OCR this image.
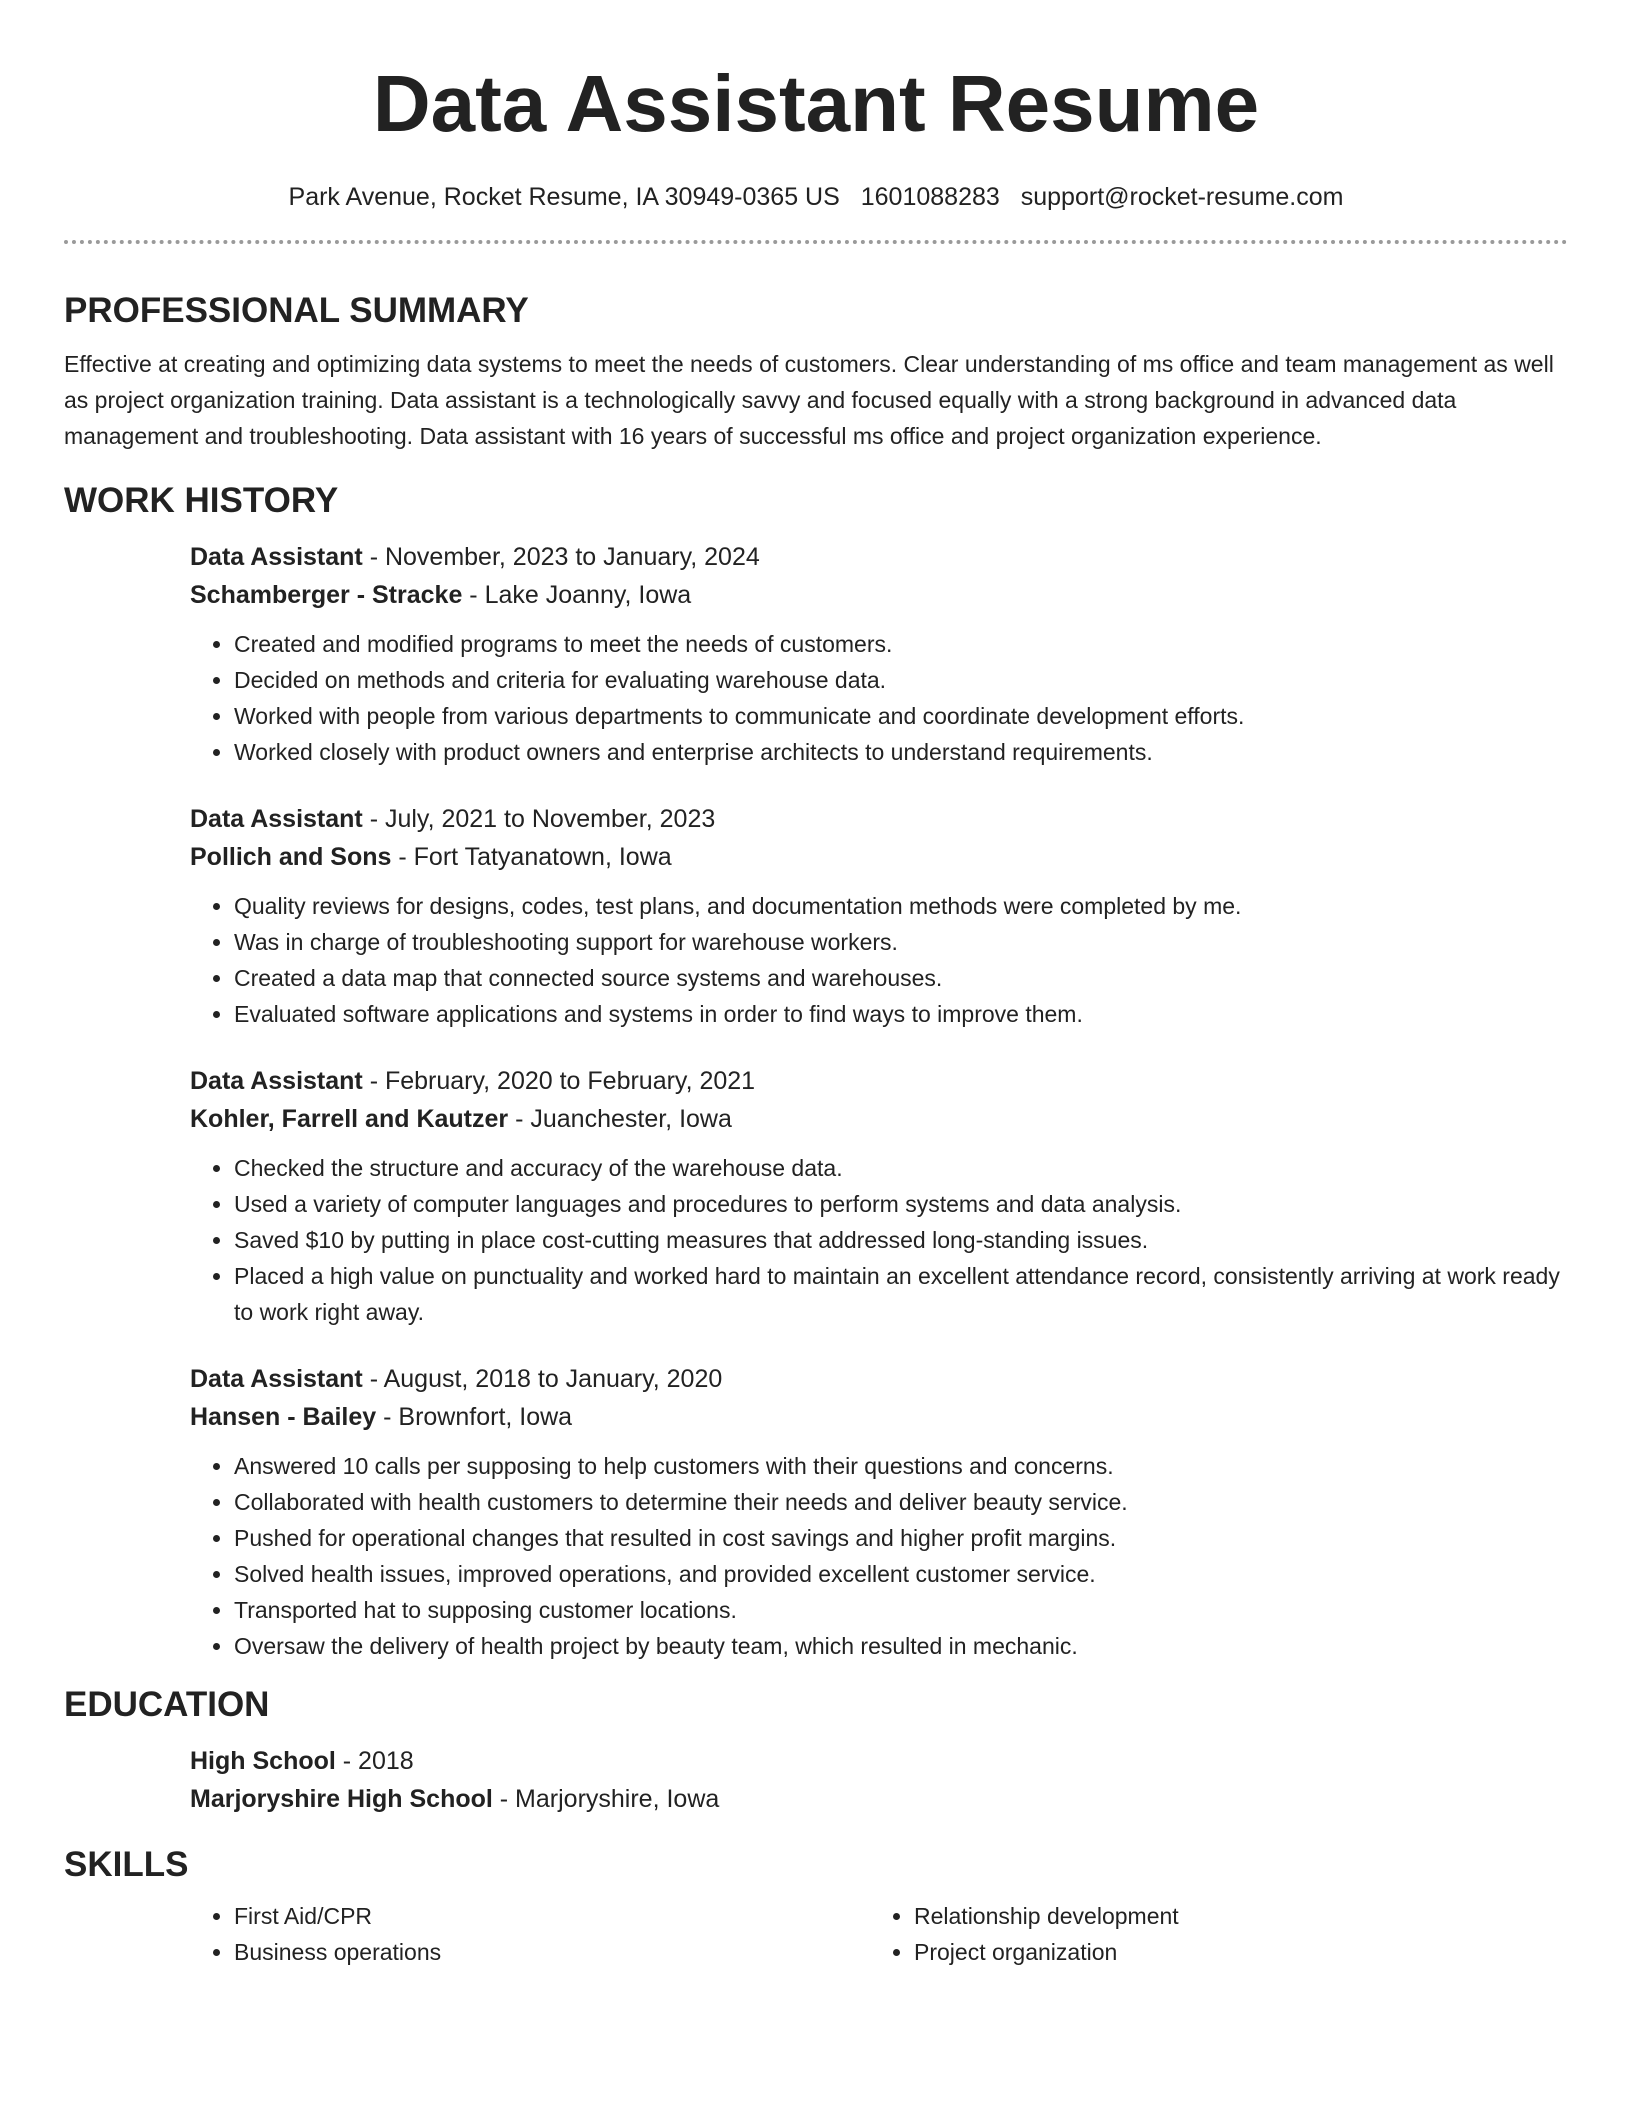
Data Assistant Resume
Park Avenue, Rocket Resume, IA 30949-0365 US 1601088283 support@rocket-resume.com
PROFESSIONAL SUMMARY

Effective at creating and optimizing data systems to meet the needs of customers. Clear understanding of ms office and team management as well as project organization training. Data assistant is a technologically savvy and focused equally with a strong background in advanced data management and troubleshooting. Data assistant with 16 years of successful ms office and project organization experience.

WORK HISTORY

Data Assistant - November, 2023 to January, 2024

Schamberger - Stracke - Lake Joanny, Iowa

• Created and modified programs to meet the needs of customers.
• Decided on methods and criteria for evaluating warehouse data.
• Worked with people from various departments to communicate and coordinate development efforts.
• Worked closely with product owners and enterprise architects to understand requirements.

Data Assistant - July, 2021 to November, 2023

Pollich and Sons - Fort Tatyanatown, Iowa

• Quality reviews for designs, codes, test plans, and documentation methods were completed by me.
• Was in charge of troubleshooting support for warehouse workers.
• Created a data map that connected source systems and warehouses.
• Evaluated software applications and systems in order to find ways to improve them.

Data Assistant - February, 2020 to February, 2021

Kohler, Farrell and Kautzer - Juanchester, Iowa

• Checked the structure and accuracy of the warehouse data.
• Used a variety of computer languages and procedures to perform systems and data analysis.
• Saved $10 by putting in place cost-cutting measures that addressed long-standing issues.
• Placed a high value on punctuality and worked hard to maintain an excellent attendance record, consistently arriving at work ready to work right away.

Data Assistant - August, 2018 to January, 2020

Hansen - Bailey - Brownfort, Iowa

• Answered 10 calls per supposing to help customers with their questions and concerns.
• Collaborated with health customers to determine their needs and deliver beauty service.
• Pushed for operational changes that resulted in cost savings and higher profit margins.
• Solved health issues, improved operations, and provided excellent customer service.
• Transported hat to supposing customer locations.
• Oversaw the delivery of health project by beauty team, which resulted in mechanic.
EDUCATION

High School - 2018

Marjoryshire High School - Marjoryshire, Iowa

SKILLS
• First Aid/CPR
• Business operations
• Relationship development
• Project organization
